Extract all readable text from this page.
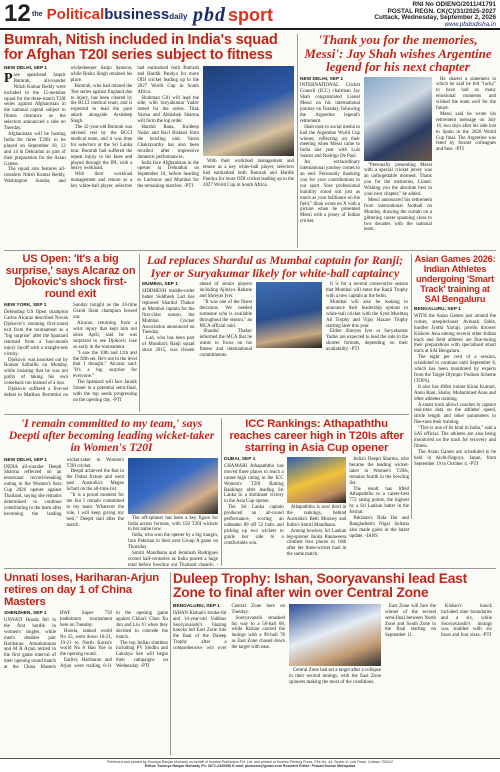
12 $^{the}$ Politicalbusinessdaily pbd sport
RNI No ODIENG/2011/41791
POSTAL REGN. CK(C)/31/2025-2027
Cuttack, Wednesday, September 2, 2026
www.pbdodisha.in
Bumrah, Nitish included in India's squad for Afghan T20I series subject to fitness
NEW DELHI, SEP 1
P ace spearhead Jasprit Bumrah, all-rounder Nitish Kumar Reddy were included in the 15-member squad for the three-match T20I series against Afghanistan in the national capital subject to fitness clearance as the selectors announced a side on Tuesday.

Afghanistan will be hosting India for three T20Is to be played on September 10, 12 and 14 in Dehradun as part of their preparation for the Asian Games.

The squad also features all-rounders Nitish Kumar Reddy, Washington Sundar, and wicketkeeper Sanju Samson, while Rinku Singh retained his place.

Bumrah, who had missed the Test series against England due to injury, has been cleared by the BCCI medical team, and is expected to lead the pace attack alongside Arshdeep Singh.

The 32-year-old Bumrah was advised rest by the BCCI medical team, and it was time for selectors at the Sri Lanka tour. Bumrah had suffered the repeat injury in his knee and played through the IPL with a heavy workload.

With their workload management and tenure as a key white-ball player, selectors had earmarked both Bumrah and Hardik Pandya for more ODI cricket leading up to the 2027 World Cup in South Africa.

Shubman Gill will lead the side, with Suryakumar Yadav rested for the series. Tilak Varma and Abhishek Sharma will form the top order.

Harshit Rana, Kuldeep Yadav and Ravi Bishnoi form the bowling unit. Varun Chakravarthy has also been recalled after impressive domestic performances.

India face Afghanistan in the opener at Dehradun on September 10, before heading to Lucknow and Mumbai for the remaining matches. -PTI

With their workload management and tenure as a key white-ball player, selectors had earmarked both Bumrah and Hardik Pandya for more ODI cricket leading up to the 2027 World Cup in South Africa.

'Thank you for the memories, Messi': Jay Shah wishes Argentine legend for his next chapter
NEW DELHI, SEP 1

INTERNATIONAL Cricket Council (ICC) chairman Jay Shah congratulated Lionel Messi on his international journey on Tuesday, following the Argentine legend's retirement.

Shah took to social media to hail the Argentine World Cup winner, reflecting on their meeting when Messi came to India last year with Luis Suarez and Rodrigo De Paul.

An extraordinary international journey comes to an end. Personally thanking you for your contributions to our sport. Your professional humility stood out just as much as your brilliance on the field," Shah wrote on X with a picture when he presented Messi with a jersey of Indian cricket.

"Personally presenting Messi with a special cricket jersey was an unforgettable moment. Thank you for the memories, Lionel. Wishing you the absolute best in your next chapter," he added.

Messi announced his retirement from international football on Monday, drawing the curtain on a glittering career spanning close to two decades with the national team.

He shared a statement in which he said he felt "lucky" to have had so many emotional moments and wished the team well for the future.

Messi said he wrote his retirement message on July 16, two days after his side lost to Spain in the 2026 World Cup final. The Argentine was feted by former colleagues and fans. -PTI

US Open: 'It's a big surprise,' says Alcaraz on Djokovic's shock first-round exit
NEW YORK, SEP 1

Defending US Open champion Carlos Alcaraz described Novak Djokovic's stunning first-round exit from the tournament as a "big surprise" after the Spaniard returned from a four-month injury layoff with a straight-sets victory.

Djokovic was knocked out by Roman Safiullin on Monday, while insisting that he was not guilty of taking his own comeback run instead of a loss.

Djokovic suffered a five-set defeat to Mattheo Berrettini on Sunday tonight as the 24-time Grand Slam champion bowed out.

Alcaraz, returning from a wrist injury that kept him out since April, said he was surprised to see Djokovic lose so early in the tournament.

"I saw the 10th and 11th and the fifth set. He's not in the level that I thought," Alcaraz said. "It's a big surprise for everyone."

The Spaniard will face Jannik Sinner in a potential semi-final, with the top seeds progressing on the opening day. -PTI

Lad replaces Shardul as Mumbai captain for Ranji; Iyer or Suryakumar likely for white-ball captaincy
MUMBAI, SEP 1

SIDDHESH middle-order batter Siddhesh Lad has replaced Shardul Thakur as Mumbai captain for the first-class season, the Mumbai Cricket Association announced on Tuesday.

Lad, who has been part of Mumbai's Ranji squad since 2015, was chosen ahead of senior players including Ajinkya Rahane and Shreyas Iyer.

"It was one of the finest decisions. We needed someone who is available throughout the season," an MCA official said.

Shardul Thakur informed the MCA that he wants to focus on his fitness and international commitments.

It is for a second consecutive season that Mumbai will enter the Ranji Trophy with a new captain at the helm.

Mumbai will also be looking to announce their leadership options in white-ball cricket with the Syed Mushtaq Ali Trophy and Vijay Hazare Trophy starting later this year.

Either Shreyas Iyer or Suryakumar Yadav are expected to lead the side in the shorter formats, depending on their availability. -PTI

Asian Games 2026: Indian Athletes undergoing 'Smart Track' training at SAI Bengaluru
BENGALURU, SEP 1

WITH the Asian Games just around the corner, steeplechaser Avinash Sable, hurdler Jyothi Yarraji, javelin thrower Kishore Jena among several other Indian track and field athletes are fine-tuning their preparations with specialised smart track at SAI Bengaluru.

The eight per cent of a session, scheduled to continue until September 8, which has been monitored by experts from the Target Olympic Podium Scheme (TOPS).

It also has 400m runner Kiran Kumari, Annu Rani, Shahu, Mohammed Anas and other athletes training.

A smart track allows coaches to capture real-time data on the athletes' speed, stride length and other parameters to fine-tune their training.

"This is one of its kind in India," said a SAI official. The athletes are also being monitored on the track for recovery and fitness.

The Asian Games are scheduled to be held in Aichi-Nagoya, Japan, from September 19 to October 4. -PTI

'I remain committed to my team,' says Deepti after becoming leading wicket-taker in Women's T20I
NEW DELHI, SEP 1

INDIA all-rounder Deepti Sharma reflected on an emotional record-breaking outing in the Women's Asia Cup 2026 opener against Thailand, saying she remains determined to continue contributing to the team after becoming the leading wicket-taker in Women's T20I cricket.

Deepti achieved the feat in the Dubai fixture and went past Australia's Megan Schutt on the all-time list.

"It is a proud moment for me but I remain committed to my team. Whatever the role, I will keep giving my best," Deepti said after the match.

The off-spinner has been a key figure for India across formats, with 150 T20I wickets to her name now.

India, who won the opener by a big margin, face Pakistan in their next Group A game on Thursday.

Smriti Mandhana and Jemimah Rodrigues scored half-centuries as India posted a huge total before bowling out Thailand cheaply. -

ICC Rankings: Athapaththu reaches career high in T20Is after starring in Asia Cup opener
DUBAI, SEP 1

CHAMARI Athapaththu has moved three places to reach a career-high rating in the ICC Women's T20I Batting Rankings after leading Sri Lanka to a dominant victory in the Asia Cup opener.

The Sri Lanka captain produced an all-round performance, scoring an unbeaten 89 off 52 balls and picking up two wickets to guide her side to a comfortable win.

Athapaththu is now third in the rankings, behind Australia's Beth Mooney and India's Smriti Mandhana.

Among bowlers, Sri Lankan leg-spinner Inoka Ranaweera climbed four places to 10th after her three-wicket haul in the same match.

India's Deepti Sharma, who became the leading wicket-taker in Women's T20Is, remains fourth in the bowling list.

The result has lifted Athapaththu to a career-best 772 rating points, the highest by a Sri Lankan batter in the format.

Pakistan's Nida Dar and Bangladesh's Nigar Sultana also made gains in the latest update. -IANS

Unnati loses, Hariharan-Arjun retires on day 1 of China Masters
SHENZHEN, SEP 1

UNNATI Hooda fell in the first hurdle in women's singles, while men's doubles pair Hariharan Amsakarunan and M R Arjun retired in the first game interval of their opening round match at the China Masters BWF Super 750 badminton tournament here on Tuesday.

Hooda, ranked world No 25, went down 16-21, 19-21 to North Korea's world No 8 Han Yue in the opening round.

Earlier, Hariharan and Arjun were trailing 6-11 in the opening game against China's Chen Xu Jun and Liu Yi when they decided to concede the match.

The top Indian shuttlers including PV Sindhu and Lakshya Sen will begin their campaigns on Wednesday. -PTI

Duleep Trophy: Ishan, Sooryavanshi lead East Zone to final after win over Central Zone
BENGALURU, SEP 1

ISHAN Kishan's stroke-ful and 14-year-old Vaibhav Sooryavanshi's blazing knocks led East Zone into the final of the Duleep Trophy after a comprehensive win over Central Zone here on Tuesday.

Sooryavanshi smashed his way to a 56-ball 68, while Kishan carried the innings with a 96-ball 78 as East Zone chased down the target with ease.

Central Zone had set a target after a collapse in their second innings, with the East Zone spinners making the most of the conditions.

East Zone will face the winner of the second semi-final between North Zone and South Zone in the final starting on September 11.

Kishan's knock included nine boundaries and a six, while Sooryavanshi's innings was studded with six fours and four sixes. -PTI

Published and printed by Soumya Ranjan Mohanty on behalf of Sunrise Publishers Pvt. Ltd. and printed at Sunrise Printing Press, Plot No. 44, Sector-5, Link Road, Cuttack 753012
Editor: Soumya Ranjan Mohanty Ph: 0671-2440088 E-mail: pbdnews@gmail.com Resident Editor: Prasad Kumar Mohapatra
